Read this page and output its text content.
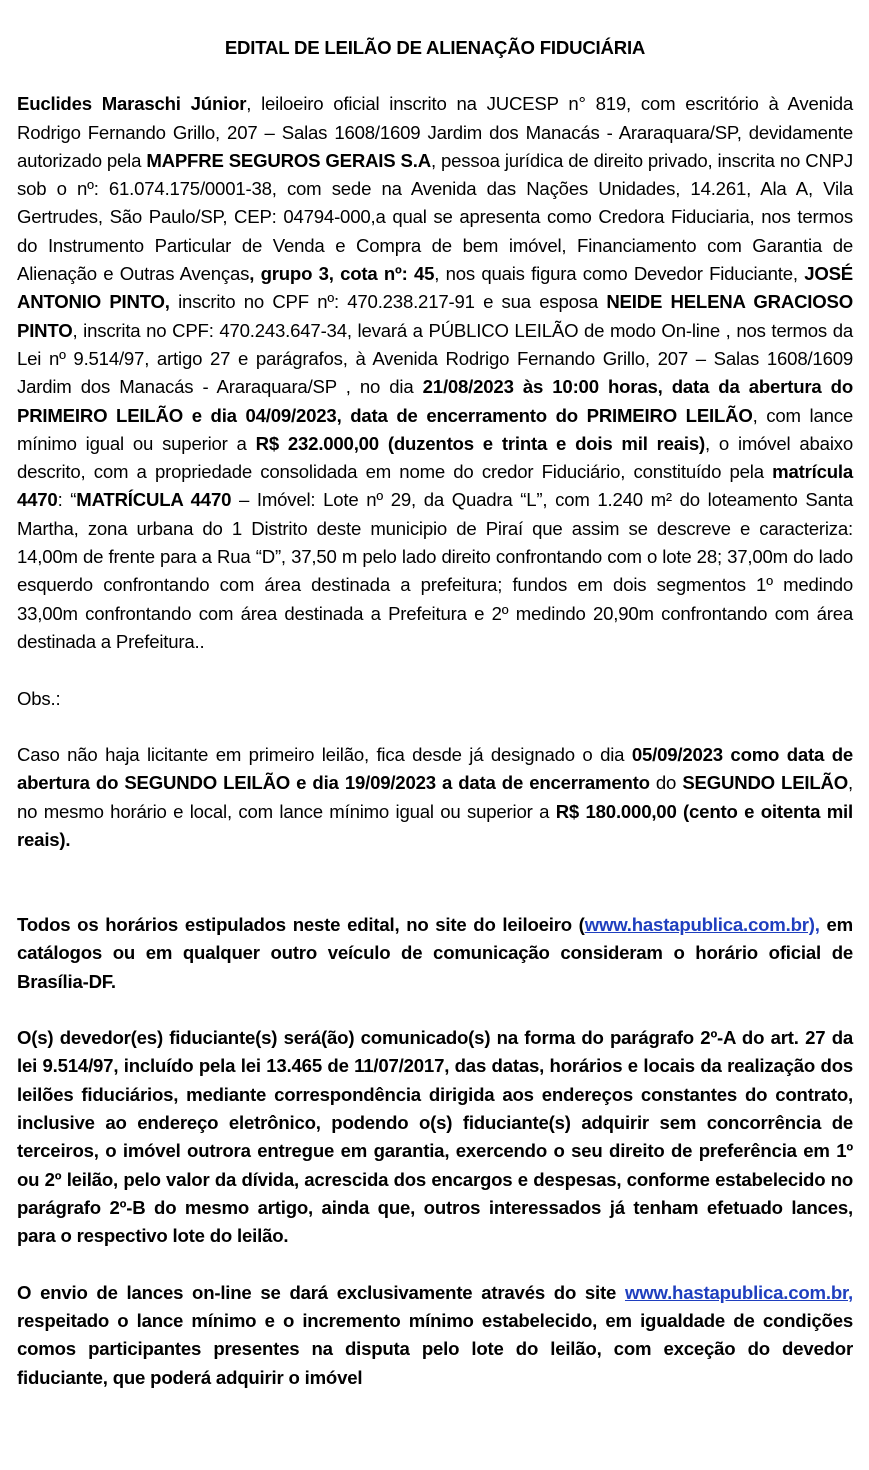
EDITAL DE LEILÃO DE ALIENAÇÃO FIDUCIÁRIA

Euclides Maraschi Júnior, leiloeiro oficial inscrito na JUCESP n° 819, com escritório à Avenida Rodrigo Fernando Grillo, 207 – Salas 1608/1609 Jardim dos Manacás - Araraquara/SP, devidamente autorizado pela MAPFRE SEGUROS GERAIS S.A, pessoa jurídica de direito privado, inscrita no CNPJ sob o nº: 61.074.175/0001-38, com sede na Avenida das Nações Unidades, 14.261, Ala A, Vila Gertrudes, São Paulo/SP, CEP: 04794-000,a qual se apresenta como Credora Fiduciaria, nos termos do Instrumento Particular de Venda e Compra de bem imóvel, Financiamento com Garantia de Alienação e Outras Avenças, grupo 3, cota nº: 45, nos quais figura como Devedor Fiduciante, JOSÉ ANTONIO PINTO, inscrito no CPF nº: 470.238.217-91 e sua esposa NEIDE HELENA GRACIOSO PINTO, inscrita no CPF: 470.243.647-34, levará a PÚBLICO LEILÃO de modo On-line , nos termos da Lei nº 9.514/97, artigo 27 e parágrafos, à Avenida Rodrigo Fernando Grillo, 207 – Salas 1608/1609 Jardim dos Manacás - Araraquara/SP , no dia 21/08/2023 às 10:00 horas, data da abertura do PRIMEIRO LEILÃO e dia 04/09/2023, data de encerramento do PRIMEIRO LEILÃO, com lance mínimo igual ou superior a R$ 232.000,00 (duzentos e trinta e dois mil reais), o imóvel abaixo descrito, com a propriedade consolidada em nome do credor Fiduciário, constituído pela matrícula 4470: “MATRÍCULA 4470 – Imóvel: Lote nº 29, da Quadra “L”, com 1.240 m² do loteamento Santa Martha, zona urbana do 1 Distrito deste municipio de Piraí que assim se descreve e caracteriza: 14,00m de frente para a Rua “D”, 37,50 m pelo lado direito confrontando com o lote 28; 37,00m do lado esquerdo confrontando com área destinada a prefeitura; fundos em dois segmentos 1º medindo 33,00m confrontando com área destinada a Prefeitura e 2º medindo 20,90m confrontando com área destinada a Prefeitura..

Obs.:

Caso não haja licitante em primeiro leilão, fica desde já designado o dia 05/09/2023 como data de abertura do SEGUNDO LEILÃO e dia 19/09/2023 a data de encerramento do SEGUNDO LEILÃO, no mesmo horário e local, com lance mínimo igual ou superior a R$ 180.000,00 (cento e oitenta mil reais).

Todos os horários estipulados neste edital, no site do leiloeiro (www.hastapublica.com.br), em catálogos ou em qualquer outro veículo de comunicação consideram o horário oficial de Brasília-DF.

O(s) devedor(es) fiduciante(s) será(ão) comunicado(s) na forma do parágrafo 2º-A do art. 27 da lei 9.514/97, incluído pela lei 13.465 de 11/07/2017, das datas, horários e locais da realização dos leilões fiduciários, mediante correspondência dirigida aos endereços constantes do contrato, inclusive ao endereço eletrônico, podendo o(s) fiduciante(s) adquirir sem concorrência de terceiros, o imóvel outrora entregue em garantia, exercendo o seu direito de preferência em 1º ou 2º leilão, pelo valor da dívida, acrescida dos encargos e despesas, conforme estabelecido no parágrafo 2º-B do mesmo artigo, ainda que, outros interessados já tenham efetuado lances, para o respectivo lote do leilão.

O envio de lances on-line se dará exclusivamente através do site www.hastapublica.com.br, respeitado o lance mínimo e o incremento mínimo estabelecido, em igualdade de condições comos participantes presentes na disputa pelo lote do leilão, com exceção do devedor fiduciante, que poderá adquirir o imóvel
